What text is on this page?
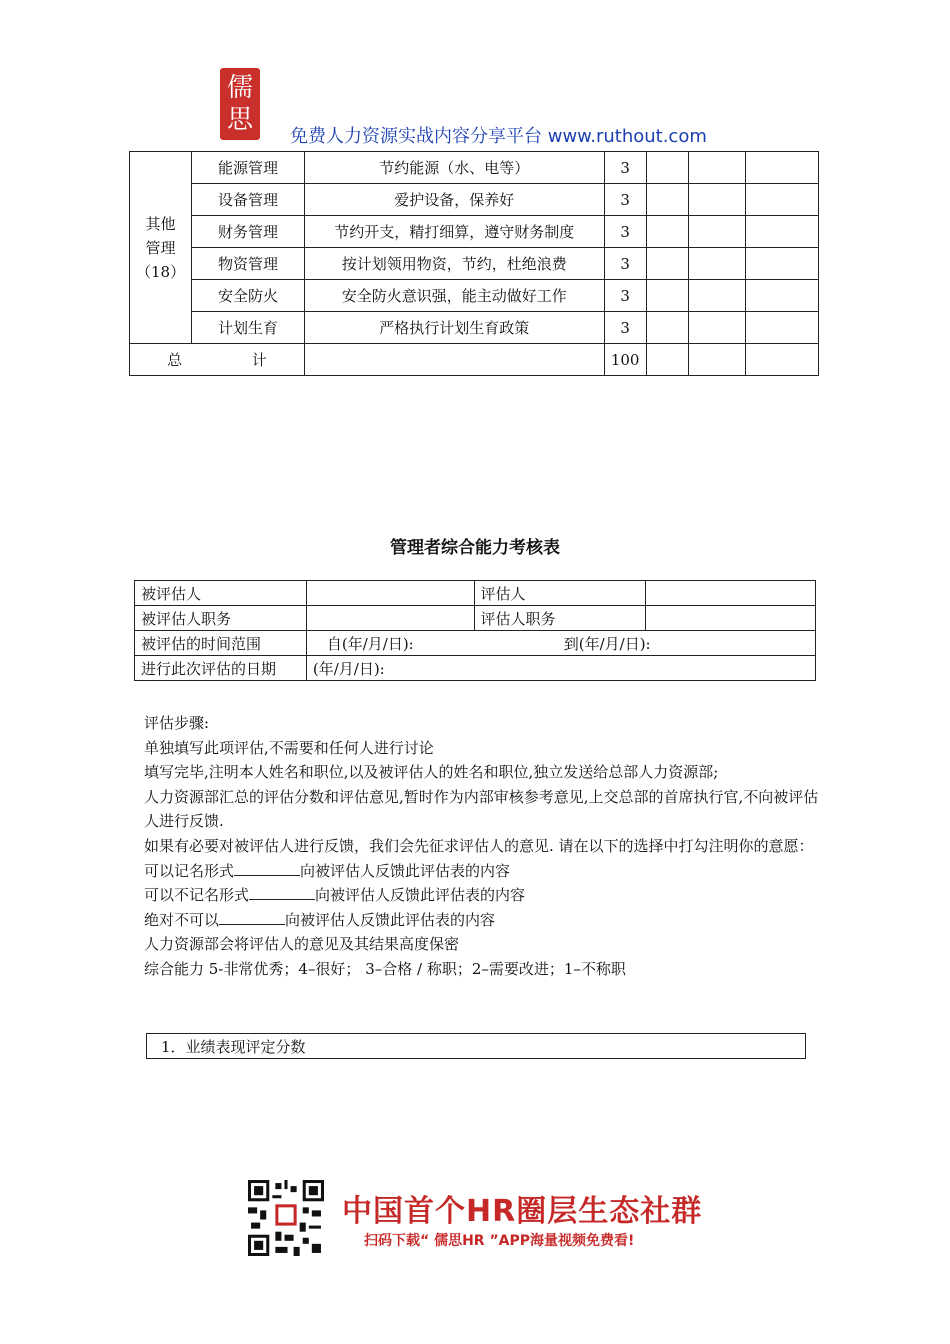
儒
思
免费人力资源实战内容分享平台 www.ruthout.com
其他
管理
（18）	能源管理	节约能源（水、电等）	3			
	设备管理	爱护设备，保养好	3			
	财务管理	节约开支，精打细算，遵守财务制度	3			
	物资管理	按计划领用物资，节约，杜绝浪费	3			
	安全防火	安全防火意识强，能主动做好工作	3			
	计划生育	严格执行计划生育政策	3			
总 计			100			
管理者综合能力考核表
被评估人		评估人	
被评估人职务		评估人职务	
被评估的时间范围	自(年/月/日): 到(年/月/日):		
进行此次评估的日期	(年/月/日):		
评估步骤:
单独填写此项评估,不需要和任何人进行讨论
填写完毕,注明本人姓名和职位,以及被评估人的姓名和职位,独立发送给总部人力资源部;
人力资源部汇总的评估分数和评估意见,暂时作为内部审核参考意见,上交总部的首席执行官,不向被评估人进行反馈.
如果有必要对被评估人进行反馈，我们会先征求评估人的意见. 请在以下的选择中打勾注明你的意愿：
可以记名形式	向被评估人反馈此评估表的内容
可以不记名形式	向被评估人反馈此评估表的内容
绝对不可以	向被评估人反馈此评估表的内容
人力资源部会将评估人的意见及其结果高度保密
综合能力 5-非常优秀；4–很好； 3–合格 / 称职；2–需要改进；1–不称职
1．业绩表现评定分数
中国首个HR圈层生态社群
扫码下载“ 儒思HR ”APP海量视频免费看!
